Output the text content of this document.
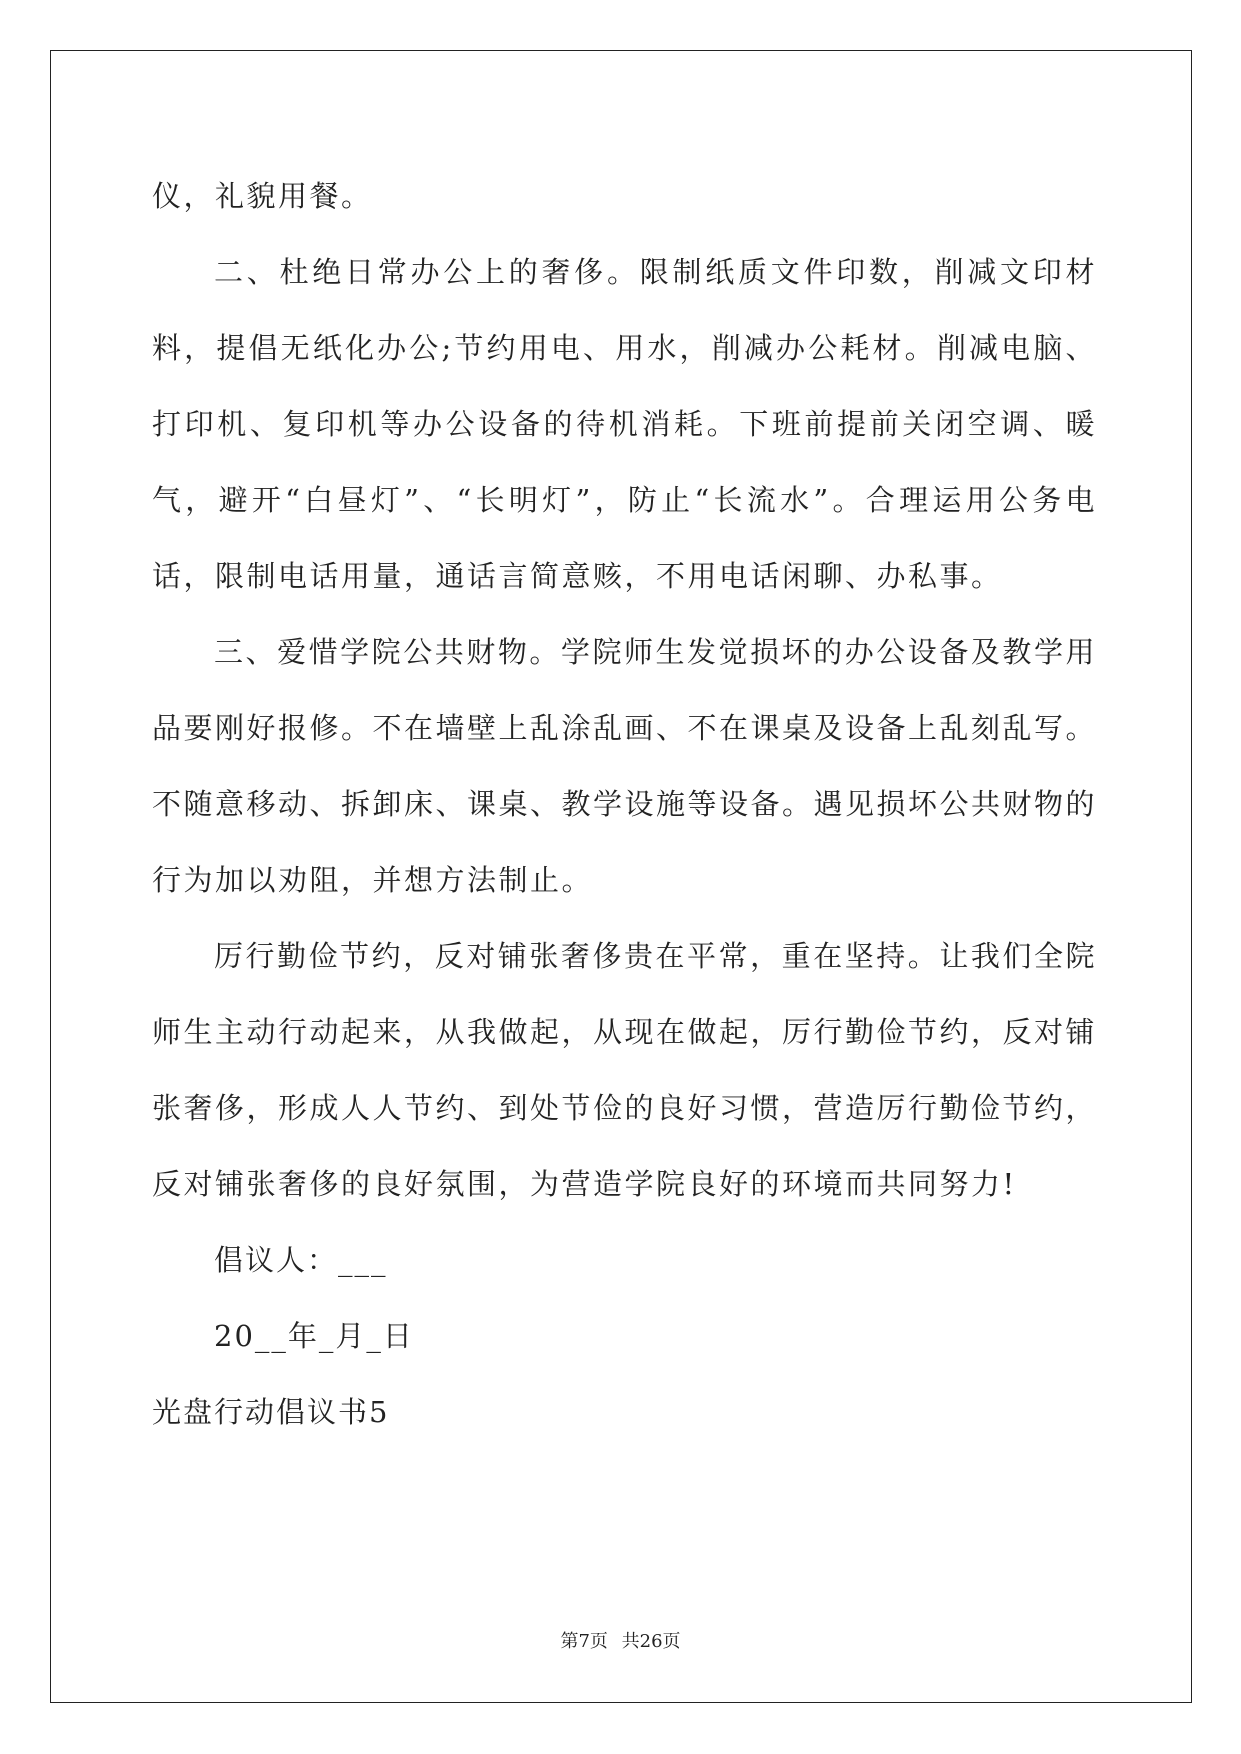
仪，礼貌用餐。

二、杜绝日常办公上的奢侈。限制纸质文件印数，削减文印材料，提倡无纸化办公;节约用电、用水，削减办公耗材。削减电脑、打印机、复印机等办公设备的待机消耗。下班前提前关闭空调、暖气，避开“白昼灯”、“长明灯”，防止“长流水”。合理运用公务电话，限制电话用量，通话言简意赅，不用电话闲聊、办私事。

三、爱惜学院公共财物。学院师生发觉损坏的办公设备及教学用品要刚好报修。不在墙壁上乱涂乱画、不在课桌及设备上乱刻乱写。不随意移动、拆卸床、课桌、教学设施等设备。遇见损坏公共财物的行为加以劝阻，并想方法制止。

厉行勤俭节约，反对铺张奢侈贵在平常，重在坚持。让我们全院师生主动行动起来，从我做起，从现在做起，厉行勤俭节约，反对铺张奢侈，形成人人节约、到处节俭的良好习惯，营造厉行勤俭节约，反对铺张奢侈的良好氛围，为营造学院良好的环境而共同努力!

倡议人：___

20__年_月_日

光盘行动倡议书5

第7页 共26页
